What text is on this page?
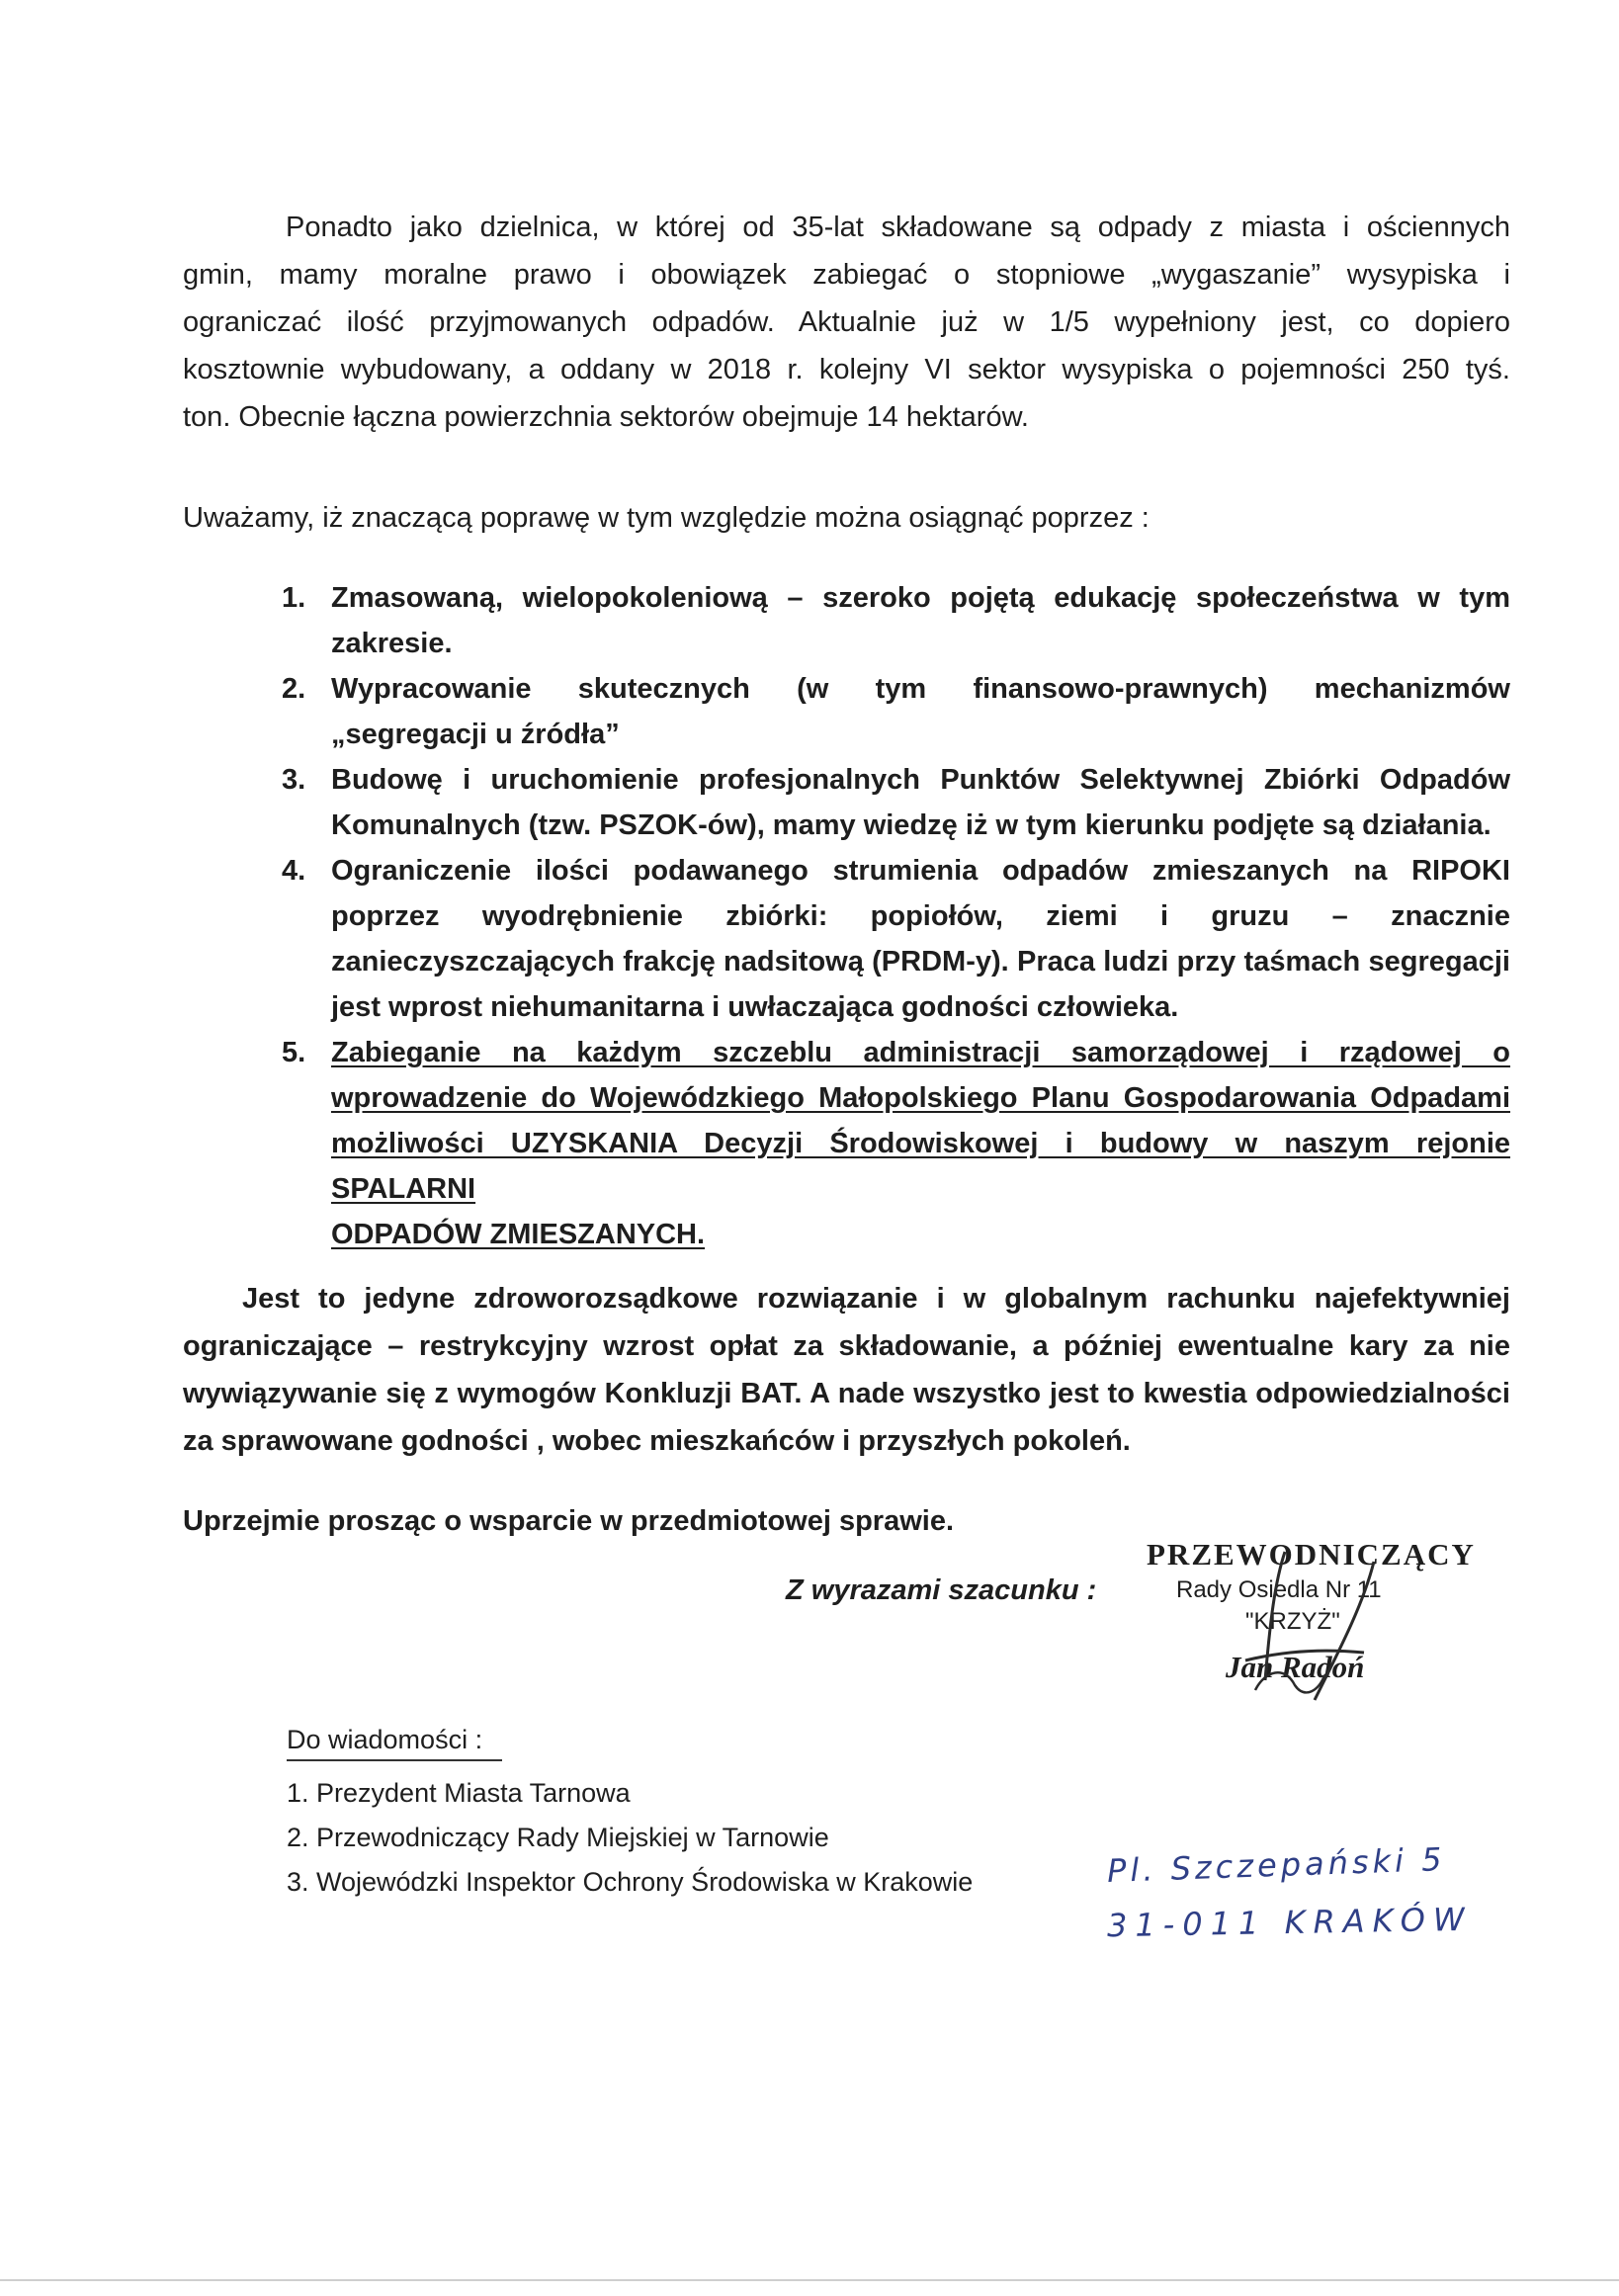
Ponadto jako dzielnica, w której od 35-lat składowane są odpady z miasta i ościennych
gmin, mamy moralne prawo i obowiązek zabiegać o stopniowe „wygaszanie” wysypiska i
ograniczać ilość przyjmowanych odpadów. Aktualnie już w 1/5 wypełniony jest, co dopiero
kosztownie wybudowany, a oddany w 2018 r. kolejny VI sektor wysypiska o pojemności 250 tyś.
ton. Obecnie łączna powierzchnia sektorów obejmuje 14 hektarów.
Uważamy, iż znaczącą poprawę w tym względzie można osiągnąć poprzez :
1. Zmasowaną, wielopokoleniową – szeroko pojętą edukację społeczeństwa w tym
zakresie.
2. Wypracowanie skutecznych (w tym finansowo-prawnych) mechanizmów
„segregacji u źródła”
3. Budowę i uruchomienie profesjonalnych Punktów Selektywnej Zbiórki Odpadów
Komunalnych (tzw. PSZOK-ów), mamy wiedzę iż w tym kierunku podjęte są działania.
4. Ograniczenie ilości podawanego strumienia odpadów zmieszanych na RIPOKI
poprzez wyodrębnienie zbiórki: popiołów, ziemi i gruzu – znacznie
zanieczyszczających frakcję nadsitową (PRDM-y). Praca ludzi przy taśmach segregacji
jest wprost niehumanitarna i uwłaczająca godności człowieka.
5. Zabieganie na każdym szczeblu administracji samorządowej i rządowej o
wprowadzenie do Wojewódzkiego Małopolskiego Planu Gospodarowania Odpadami
możliwości UZYSKANIA Decyzji Środowiskowej i budowy w naszym rejonie SPALARNI
ODPADÓW ZMIESZANYCH.
Jest to jedyne zdroworozsądkowe rozwiązanie i w globalnym rachunku najefektywniej
ograniczające – restrykcyjny wzrost opłat za składowanie, a później ewentualne kary za nie
wywiązywanie się z wymogów Konkluzji BAT. A nade wszystko jest to kwestia odpowiedzialności
za sprawowane godności , wobec mieszkańców i przyszłych pokoleń.
Uprzejmie prosząc o wsparcie w przedmiotowej sprawie.
Z wyrazami szacunku :
PRZEWODNICZĄCY
Rady Osiedla Nr 11
"KRZYŻ"
Jan Radoń
Do wiadomości :
1. Prezydent Miasta Tarnowa
2. Przewodniczący Rady Miejskiej w Tarnowie
3. Wojewódzki Inspektor Ochrony Środowiska w Krakowie	Pl. Szczepański 5
31-011 KRAKÓW
